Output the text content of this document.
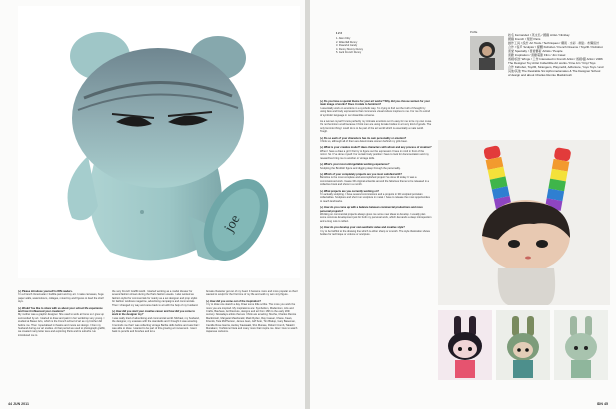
joe

(+) Please introduce yourself to IDN readers.

I'm a French Venezuelan / bodilla paint and toy art. I make canvases, huge paper walls, watercolours, collages, mixed toy and figures to feed the shelf toys.

(+) Would You like to share with us about your school life experience and how it influenced your creations?

My mother was a graphic designer. She used to work at home so I grew up surrounded by art. I started to draw and paint in her workshop very young. I studied at Beaux Arts, which is the French school of art as my brother did before me. Then I specialised in theatre and movie set design. I then my husband during our art studies. At that period we used to photograph graffiti, we created many letter tees and exploring Paris and its suburbs. He introduced me to

the very French Graffiti world. I started working as a model dresser for several fashion shows during the Paris fashion weeks. I also worked as fashion stylist for commercials for mainly as a set designer and prop stylist for fashion windows magazine, advertising campaigns and commercials. Then I changed my way and came back to art with the help of my husband.

(+) How did you start your creative career and how did you come to work in the designer toy?

I was really tired of advertising and commercial world. Michael, my husband, the designer, my unaware with the standards and I thought it was amazing. It reminds me that I was collecting vintage Barbie dolls before and saw that I was able to draw. I wanted to be part of this growing art movement. I went back to pencils and brushes and let a

female character get out of my head. It became more and more popular so that I wanted to sculpt for the first time of my life and sold my own vinyl figure.

(+) How did you come out of the inspiration?

I try to draw one sketch a day. Draw some little scribe. The more you work the more you are inspired. My inspirations are: Symbolism, Modernism, Arts and Crafts, Bauhaus, Architecture, designs and art from 18th to the early 20th century. Nowadays artists that are I think are amazing: Mucha, Charles Rennie Mackintosh, Margaret Macdonald, Mark Ryden, Ray Caesar, Chaos, Kaws, Friends, Tara McPherson, James Jean, Jeff Soto, Tim Biskup, Gary Baseman, Camille Rose Garcia, Audrey Kawasaki, Sho Murase, Robert Crumb, Takashi Murakami, Yoshitomo Nara and many more that inspire me. Also I love to watch Japanese cartoons.

44 JUN 2011

1 2 3

1. Alien Kitty

2. Waterfall Dunny

3. Peaceful Candy

4. Dunny Munny Dunny

5. Jack French Dunny

Profile

姓名 Fernandez / 英文名 / 國籍 Artist / Nimbay

國籍 French / 現居 Paris

創作工具 / 設計 Art Tools / Techniques / 藝術 · 水彩 · 拼貼 · 布偶設計

合作 / 客戶 Sculptor / 媒體 Kidrobot / French Dreams / Toy2R / Kidrobot

喜愛 Specialty / 喜愛藝術 Artists / People

喜歡 Inspiration / 喜歡電影 Film / Jim Cavel

遊戲/設計 Wings / 工作 Interested in French Artist / 遊戲/圖 Artist / 2006

The Designer Toy Artist Collectible Art works / Fine Art / Vinyl Toys

合作 Kidrobot, Toy2R, Strangeco, Playmobil, Adfunture, Yuyu Toys / and

其他/其他 The Desirable Sic Aphromelomatus & The Designer School

of design and about Charles Rennie Mackintosh

(+) Do you have a special theme for your art works? Why did you choose women for your main image of works? Does it relate to feminism?

I essentially work on emotions in a symbolic way. I'm trying to find out the truth of thought by using face and body expressions that commence visual culture inspires to me. For me it's a kind of symbolic language in our dreamlike universe.

As a woman myself I know perfectly my intimate emotions so it's easy for me to be my own muse. It's not feminism at all because I think men are using female bodies in art very kind of goods. The only feminist thing I could do is to be part of the art world which is essentially a male world. Tough.

(+) Do so each of your characters has its own personality or emotion?

I think so, although all of them are determinate women behind my girls been.

(+) What is your creative model? Have characters with whom and any process of creation?

When I have a draw a girl I first try to figure out the expression I have in mind in front of the mirror. So I I've done myself. For certain body position I have to look for documentation and my researches bring me to another or vintage dolls.

(+) What's your most unforgettable working experience?

Sculpting the Bruttlish figure and digging deep through the personality.

(+) Which of your completely projects are you most satisfied with?

Bertoline is the most complete and accomplished project I've done till today. It was a commissioned work. Cease 3D original artworks around the fabulous theme to be released in a collective book and show in a month.

(+) What projects are you currently working on?

I'm actually sculpting. I have several commissions and a projects in 3D sculpted porcelain collectables. Sculpture and short run sculpture in metal. I have to release the most opportunities to reach landmarks.

(+) How do you come up with a balance between commercial productions and more personal projects?

Working on commercial projects always gives me some new ideas to develop. I usually plan some concrete development just for both my personal work, which demands a deep introspection and a long cuts to reflect.

(+) How do you develop your own aesthetic value and creative style?

I try to be faithful to the drawing line which is either sharp or smooth. The style illustration shows bodies for technique or volume or sculpture.

IDN 45
